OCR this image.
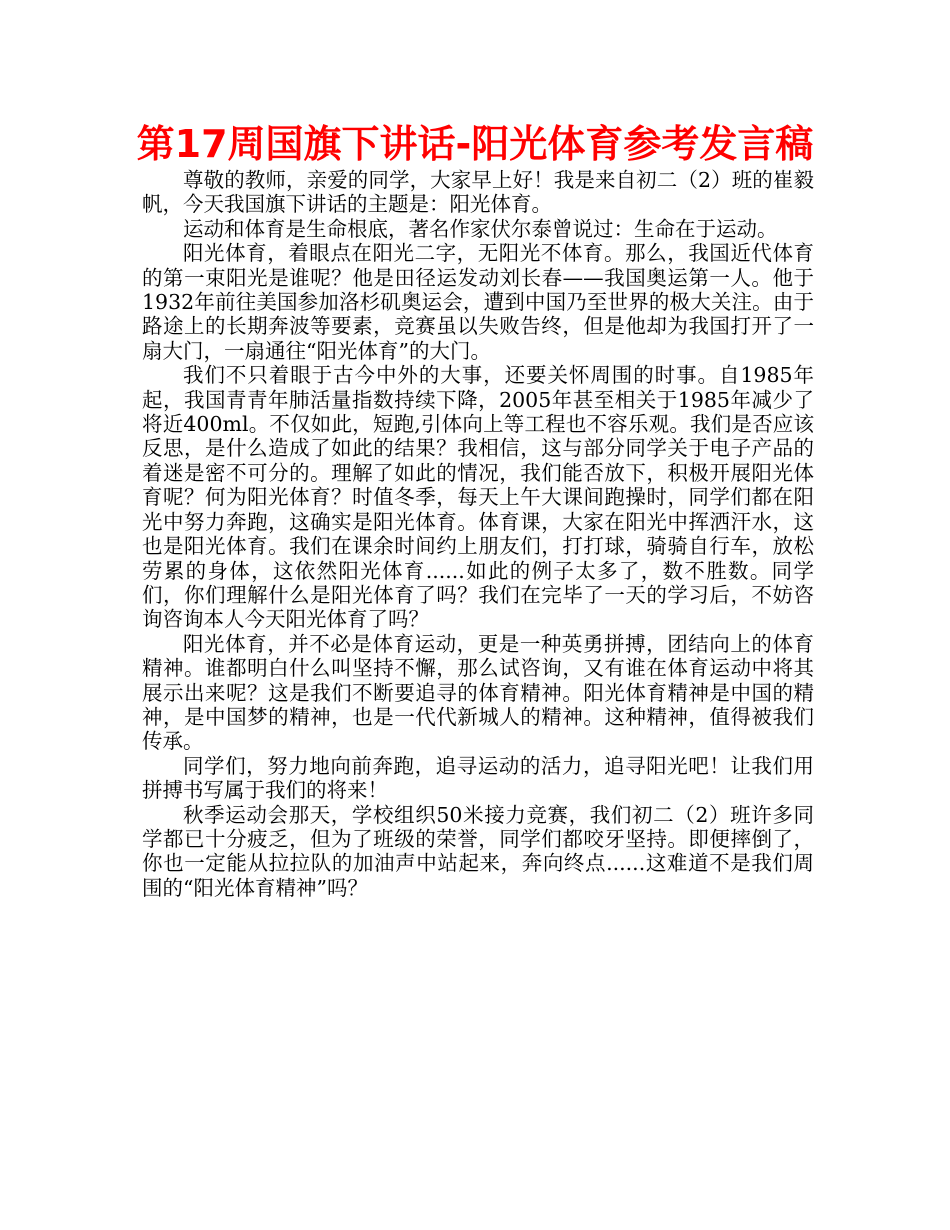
第17周国旗下讲话-阳光体育参考发言稿

尊敬的教师，亲爱的同学，大家早上好！我是来自初二（2）班的崔毅帆，今天我国旗下讲话的主题是：阳光体育。

运动和体育是生命根底，著名作家伏尔泰曾说过：生命在于运动。

阳光体育，着眼点在阳光二字，无阳光不体育。那么，我国近代体育的第一束阳光是谁呢？他是田径运发动刘长春——我国奥运第一人。他于1932年前往美国参加洛杉矶奥运会，遭到中国乃至世界的极大关注。由于路途上的长期奔波等要素，竞赛虽以失败告终，但是他却为我国打开了一扇大门，一扇通往“阳光体育”的大门。

我们不只着眼于古今中外的大事，还要关怀周围的时事。自1985年起，我国青青年肺活量指数持续下降，2005年甚至相关于1985年减少了将近400ml。不仅如此，短跑,引体向上等工程也不容乐观。我们是否应该反思，是什么造成了如此的结果？我相信，这与部分同学关于电子产品的着迷是密不可分的。理解了如此的情况，我们能否放下，积极开展阳光体育呢？何为阳光体育？时值冬季，每天上午大课间跑操时，同学们都在阳光中努力奔跑，这确实是阳光体育。体育课，大家在阳光中挥洒汗水，这也是阳光体育。我们在课余时间约上朋友们，打打球，骑骑自行车，放松劳累的身体，这依然阳光体育......如此的例子太多了，数不胜数。同学们，你们理解什么是阳光体育了吗？我们在完毕了一天的学习后，不妨咨询咨询本人今天阳光体育了吗？

阳光体育，并不必是体育运动，更是一种英勇拼搏，团结向上的体育精神。谁都明白什么叫坚持不懈，那么试咨询，又有谁在体育运动中将其展示出来呢？这是我们不断要追寻的体育精神。阳光体育精神是中国的精神，是中国梦的精神，也是一代代新城人的精神。这种精神，值得被我们传承。

同学们，努力地向前奔跑，追寻运动的活力，追寻阳光吧！让我们用拼搏书写属于我们的将来！

秋季运动会那天，学校组织50米接力竞赛，我们初二（2）班许多同学都已十分疲乏，但为了班级的荣誉，同学们都咬牙坚持。即便摔倒了，你也一定能从拉拉队的加油声中站起来，奔向终点......这难道不是我们周围的“阳光体育精神”吗？
